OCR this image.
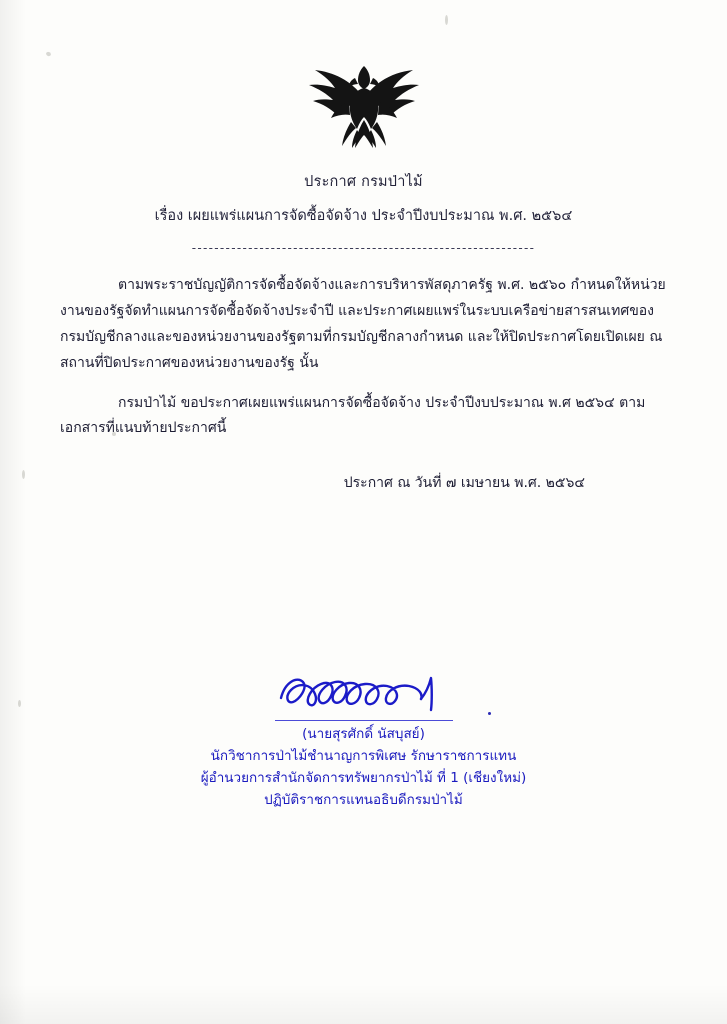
ประกาศ กรมป่าไม้
เรื่อง เผยแพร่แผนการจัดซื้อจัดจ้าง ประจำปีงบประมาณ พ.ศ. ๒๕๖๔
-------------------------------------------------------------
ตามพระราชบัญญัติการจัดซื้อจัดจ้างและการบริหารพัสดุภาครัฐ พ.ศ. ๒๕๖๐ กำหนดให้หน่วยงานของรัฐจัดทำแผนการจัดซื้อจัดจ้างประจำปี และประกาศเผยแพร่ในระบบเครือข่ายสารสนเทศของกรมบัญชีกลางและของหน่วยงานของรัฐตามที่กรมบัญชีกลางกำหนด และให้ปิดประกาศโดยเปิดเผย ณ สถานที่ปิดประกาศของหน่วยงานของรัฐ นั้น
กรมป่าไม้ ขอประกาศเผยแพร่แผนการจัดซื้อจัดจ้าง ประจำปีงบประมาณ พ.ศ ๒๕๖๔ ตามเอกสารที่แนบท้ายประกาศนี้
ประกาศ ณ วันที่ ๗ เมษายน พ.ศ. ๒๕๖๔
(นายสุรศักดิ์ นัสบุสย์)
นักวิชาการป่าไม้ชำนาญการพิเศษ รักษาราชการแทน
ผู้อำนวยการสำนักจัดการทรัพยากรป่าไม้ ที่ 1 (เชียงใหม่)
ปฏิบัติราชการแทนอธิบดีกรมป่าไม้
